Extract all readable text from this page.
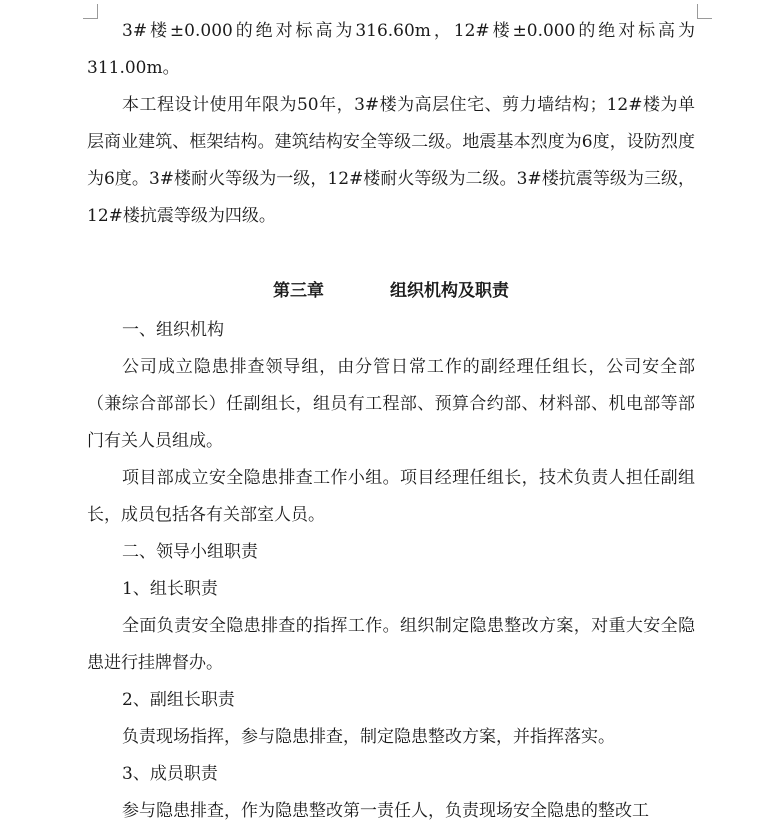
3#楼±0.000的绝对标高为316.60m，12#楼±0.000的绝对标高为311.00m。

本工程设计使用年限为50年，3#楼为高层住宅、剪力墙结构；12#楼为单层商业建筑、框架结构。建筑结构安全等级二级。地震基本烈度为6度，设防烈度为6度。3#楼耐火等级为一级，12#楼耐火等级为二级。3#楼抗震等级为三级，12#楼抗震等级为四级。

第三章	组织机构及职责

一、组织机构

公司成立隐患排查领导组，由分管日常工作的副经理任组长，公司安全部（兼综合部部长）任副组长，组员有工程部、预算合约部、材料部、机电部等部门有关人员组成。

项目部成立安全隐患排查工作小组。项目经理任组长，技术负责人担任副组长，成员包括各有关部室人员。

二、领导小组职责

1、组长职责

全面负责安全隐患排查的指挥工作。组织制定隐患整改方案，对重大安全隐患进行挂牌督办。

2、副组长职责

负责现场指挥，参与隐患排查，制定隐患整改方案，并指挥落实。

3、成员职责

参与隐患排查，作为隐患整改第一责任人，负责现场安全隐患的整改工
